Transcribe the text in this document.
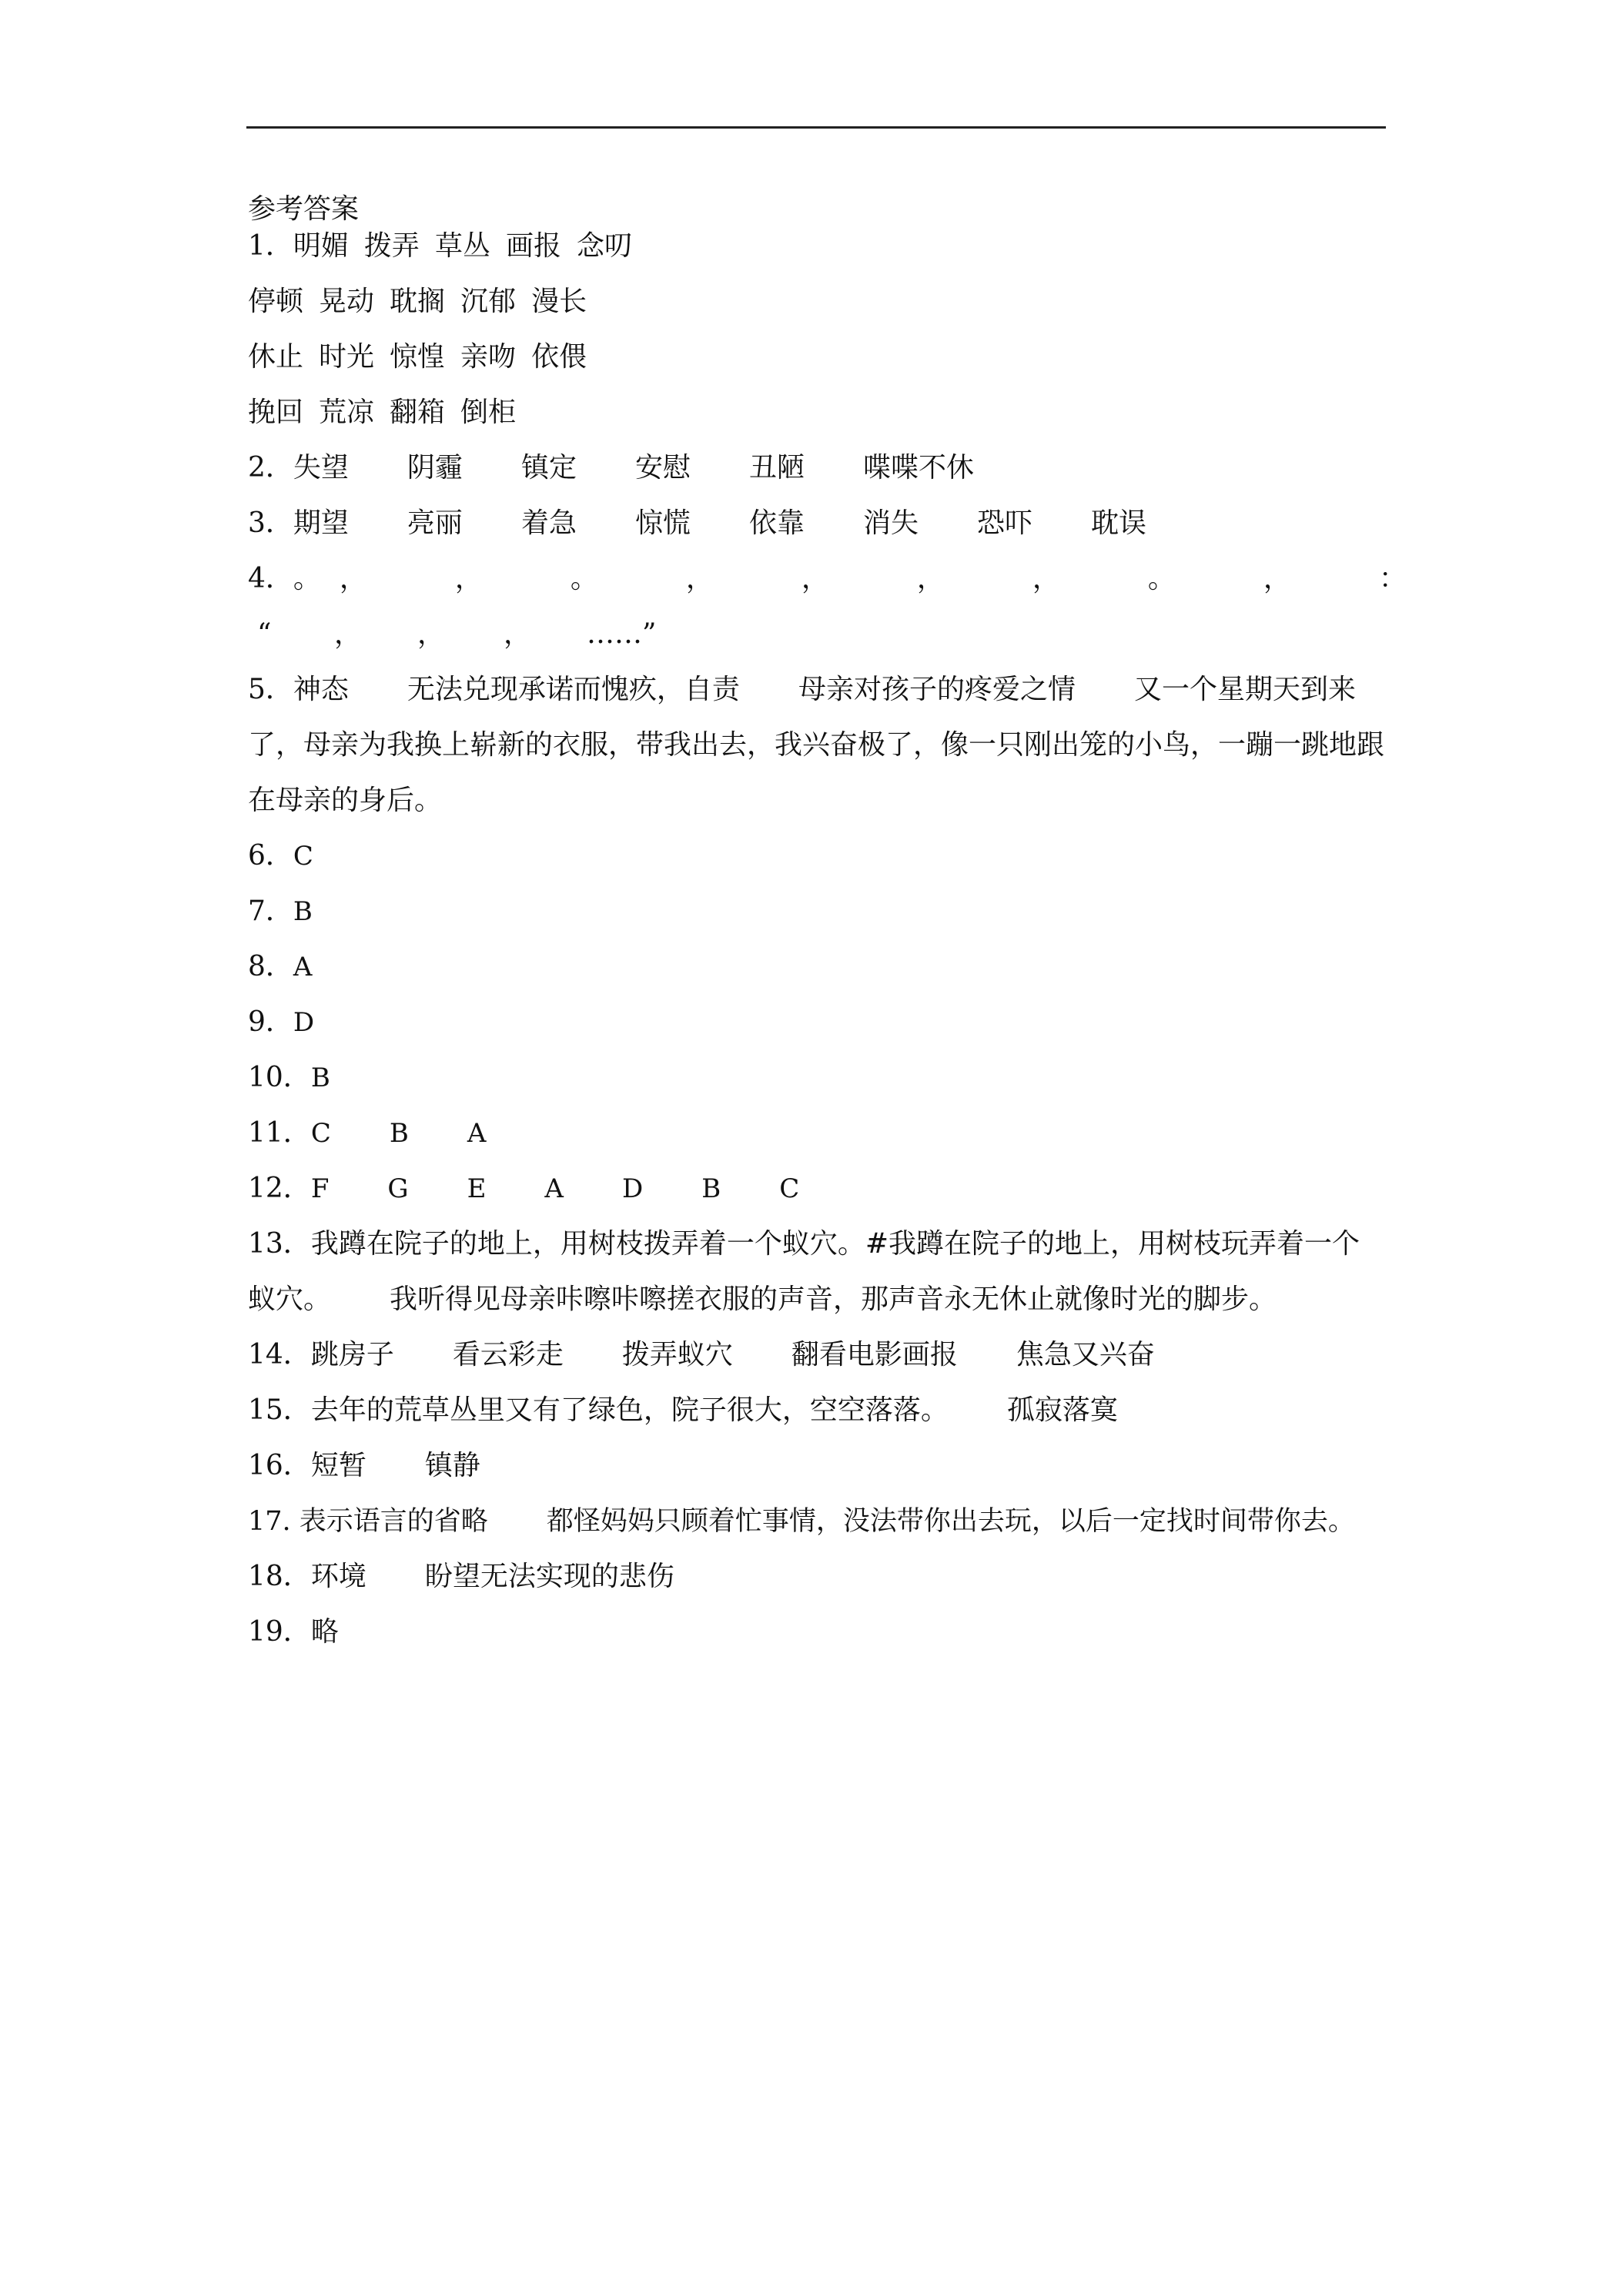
参考答案
1．明媚 拨弄 草丛 画报 念叨
停顿 晃动 耽搁 沉郁 漫长
休止 时光 惊惶 亲吻 依偎
挽回 荒凉 翻箱 倒柜
2．失望 阴霾 镇定 安慰 丑陋 喋喋不休
3．期望 亮丽 着急 惊慌 依靠 消失 恐吓 耽误
4．。 ，	，	。	，	，	，	，	。	，	：
“ ， ， ， ……”
5．神态 无法兑现承诺而愧疚，自责 母亲对孩子的疼爱之情 又一个星期天到来了，母亲为我换上崭新的衣服，带我出去，我兴奋极了，像一只刚出笼的小鸟，一蹦一跳地跟在母亲的身后。
6．C
7．B
8．A
9．D
10．B
11．C B A
12．F G E A D B C
13．我蹲在院子的地上，用树枝拨弄着一个蚁穴。#我蹲在院子的地上，用树枝玩弄着一个蚁穴。 我听得见母亲咔嚓咔嚓搓衣服的声音，那声音永无休止就像时光的脚步。
14．跳房子 看云彩走 拨弄蚁穴 翻看电影画报 焦急又兴奋
15．去年的荒草丛里又有了绿色，院子很大，空空落落。 孤寂落寞
16．短暂 镇静
17. 表示语言的省略 都怪妈妈只顾着忙事情，没法带你出去玩，以后一定找时间带你去。
18．环境 盼望无法实现的悲伤
19．略
